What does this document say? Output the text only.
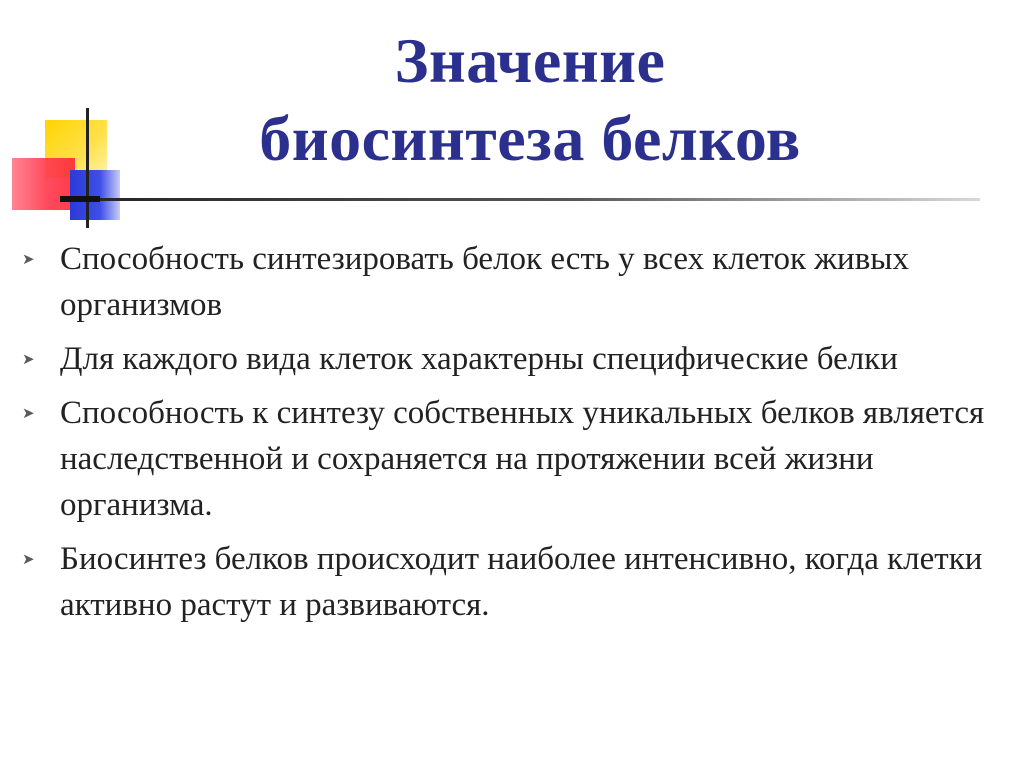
Значение
биосинтеза белков
➤ Способность синтезировать белок есть у всех клеток живых организмов
➤ Для каждого вида клеток характерны специфические белки
➤ Способность к синтезу собственных уникальных белков является наследственной и сохраняется на протяжении всей жизни организма.
➤ Биосинтез белков происходит наиболее интенсивно, когда клетки активно растут и развиваются.
